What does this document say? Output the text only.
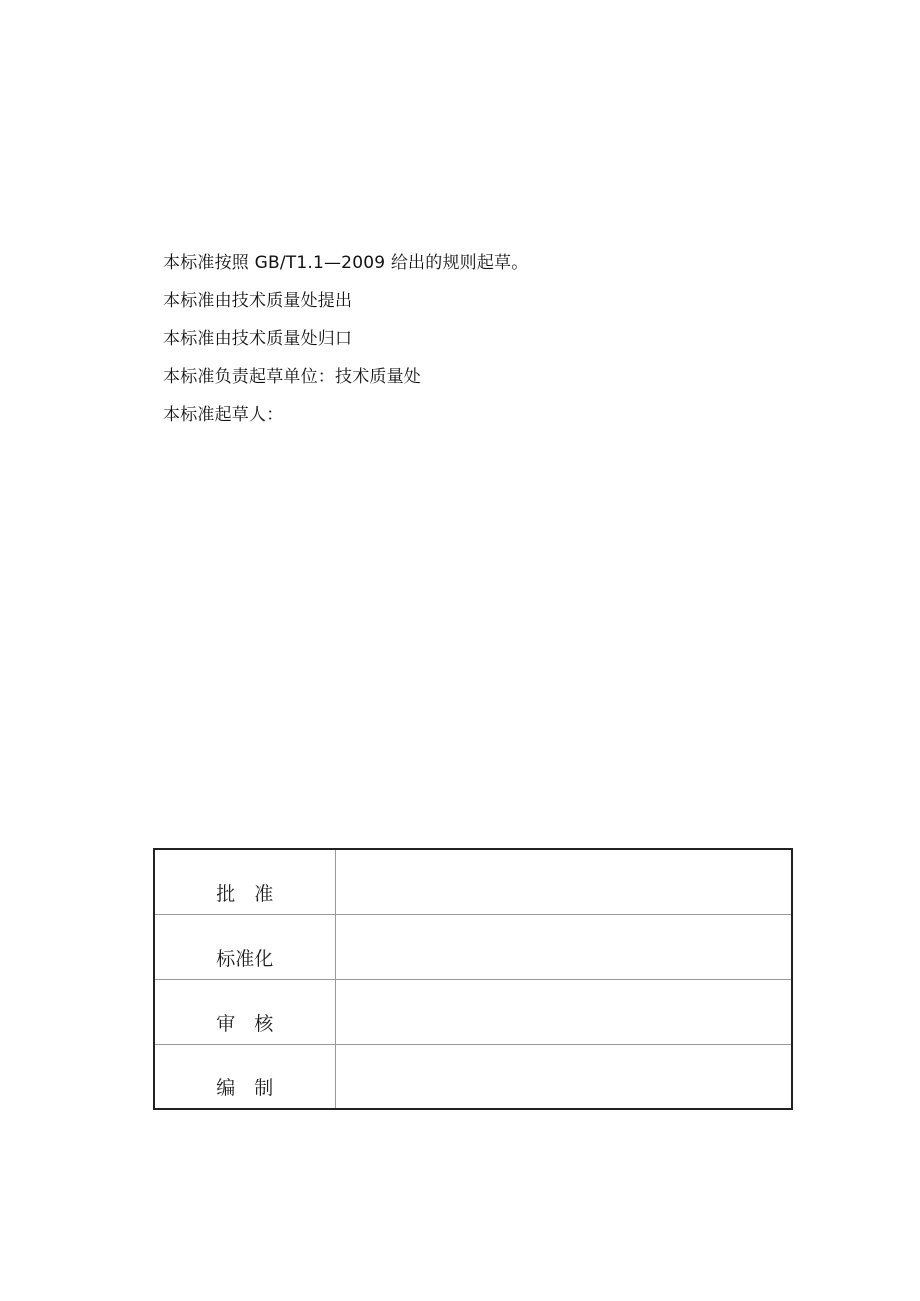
本标准按照 GB/T1.1—2009 给出的规则起草。
本标准由技术质量处提出
本标准由技术质量处归口
本标准负责起草单位：技术质量处
本标准起草人：
批　准	
标准化	
审　核	
编　制	
